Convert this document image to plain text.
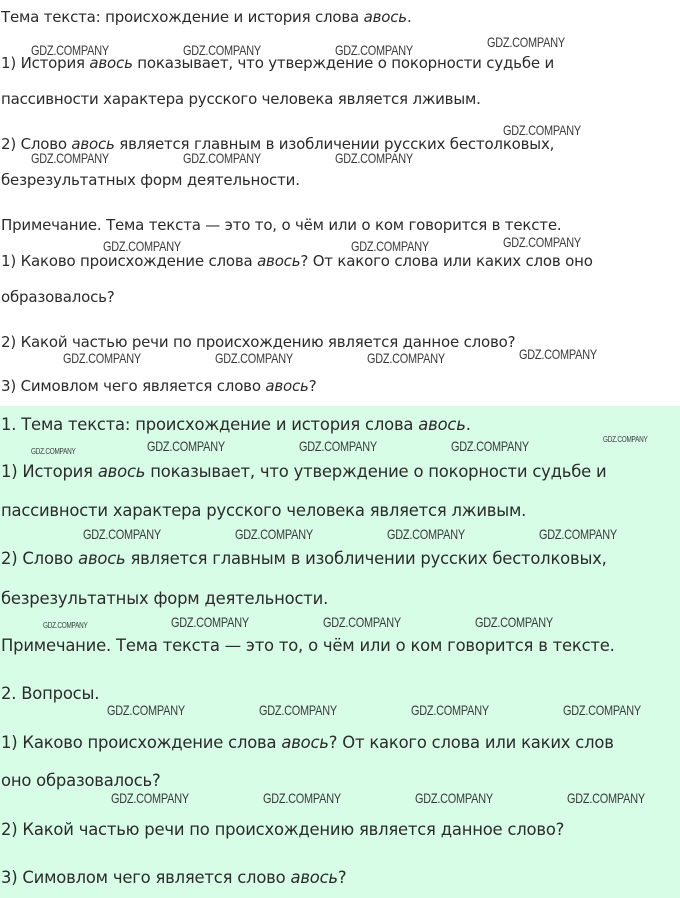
Тема текста: происхождение и история слова авось.
1) История авось показывает, что утверждение о покорности судьбе и
пассивности характера русского человека является лживым.
2) Слово авось является главным в изобличении русских бестолковых,
безрезультатных форм деятельности.
Примечание. Тема текста — это то, о чём или о ком говорится в тексте.
1) Каково происхождение слова авось? От какого слова или каких слов оно
образовалось?
2) Какой частью речи по происхождению является данное слово?
3) Симовлом чего является слово авось?
1. Тема текста: происхождение и история слова авось.
1) История авось показывает, что утверждение о покорности судьбе и
пассивности характера русского человека является лживым.
2) Слово авось является главным в изобличении русских бестолковых,
безрезультатных форм деятельности.
Примечание. Тема текста — это то, о чём или о ком говорится в тексте.
2. Вопросы.
1) Каково происхождение слова авось? От какого слова или каких слов
оно образовалось?
2) Какой частью речи по происхождению является данное слово?
3) Симовлом чего является слово авось?
GDZ.COMPANY	GDZ.COMPANY	GDZ.COMPANY	GDZ.COMPANY
GDZ.COMPANY
GDZ.COMPANY	GDZ.COMPANY	GDZ.COMPANY
GDZ.COMPANY	GDZ.COMPANY	GDZ.COMPANY
GDZ.COMPANY	GDZ.COMPANY	GDZ.COMPANY	GDZ.COMPANY
GDZ.COMPANY	GDZ.COMPANY	GDZ.COMPANY	GDZ.COMPANY	GDZ.COMPANY
GDZ.COMPANY	GDZ.COMPANY	GDZ.COMPANY	GDZ.COMPANY
GDZ.COMPANY	GDZ.COMPANY	GDZ.COMPANY	GDZ.COMPANY
GDZ.COMPANY	GDZ.COMPANY	GDZ.COMPANY	GDZ.COMPANY
GDZ.COMPANY	GDZ.COMPANY	GDZ.COMPANY	GDZ.COMPANY
